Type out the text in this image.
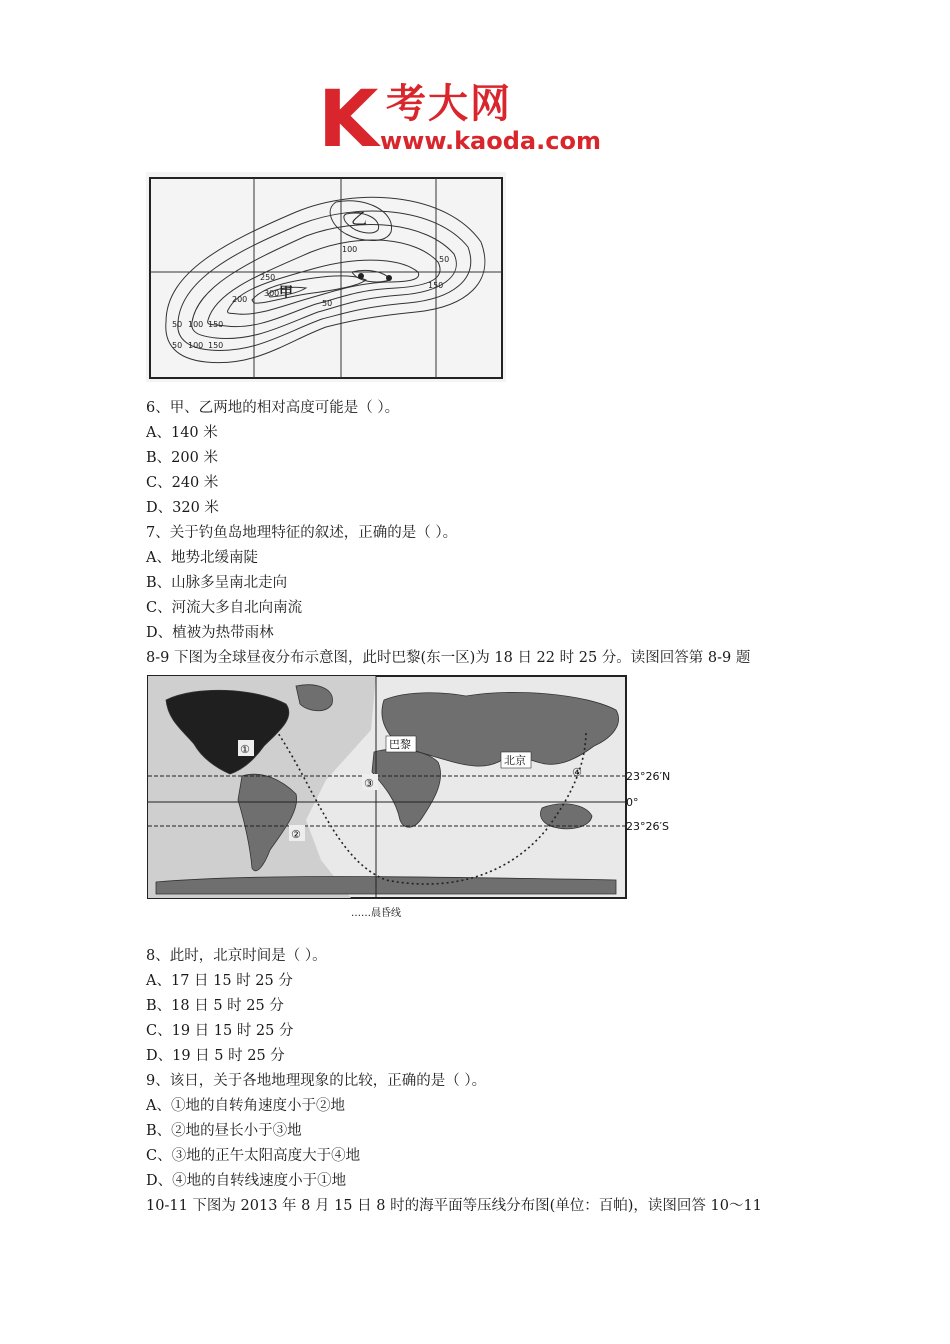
K 考大网
www.kaoda.com
乙
甲
50 100 150
200
250
300
100
50
150
50
50 100 150
6、甲、乙两地的相对高度可能是（ ）。
A、140 米
B、200 米
C、240 米
D、320 米
7、关于钓鱼岛地理特征的叙述，正确的是（ ）。
A、地势北缓南陡
B、山脉多呈南北走向
C、河流大多自北向南流
D、植被为热带雨林
8-9 下图为全球昼夜分布示意图，此时巴黎(东一区)为 18 日 22 时 25 分。读图回答第 8-9 题
①
②
③
④
巴黎
北京
23°26′N
0°
23°26′S
……晨昏线
8、此时，北京时间是（ ）。
A、17 日 15 时 25 分
B、18 日 5 时 25 分
C、19 日 15 时 25 分
D、19 日 5 时 25 分
9、该日，关于各地地理现象的比较，正确的是（ ）。
A、①地的自转角速度小于②地
B、②地的昼长小于③地
C、③地的正午太阳高度大于④地
D、④地的自转线速度小于①地
10-11 下图为 2013 年 8 月 15 日 8 时的海平面等压线分布图(单位：百帕)，读图回答 10～11
